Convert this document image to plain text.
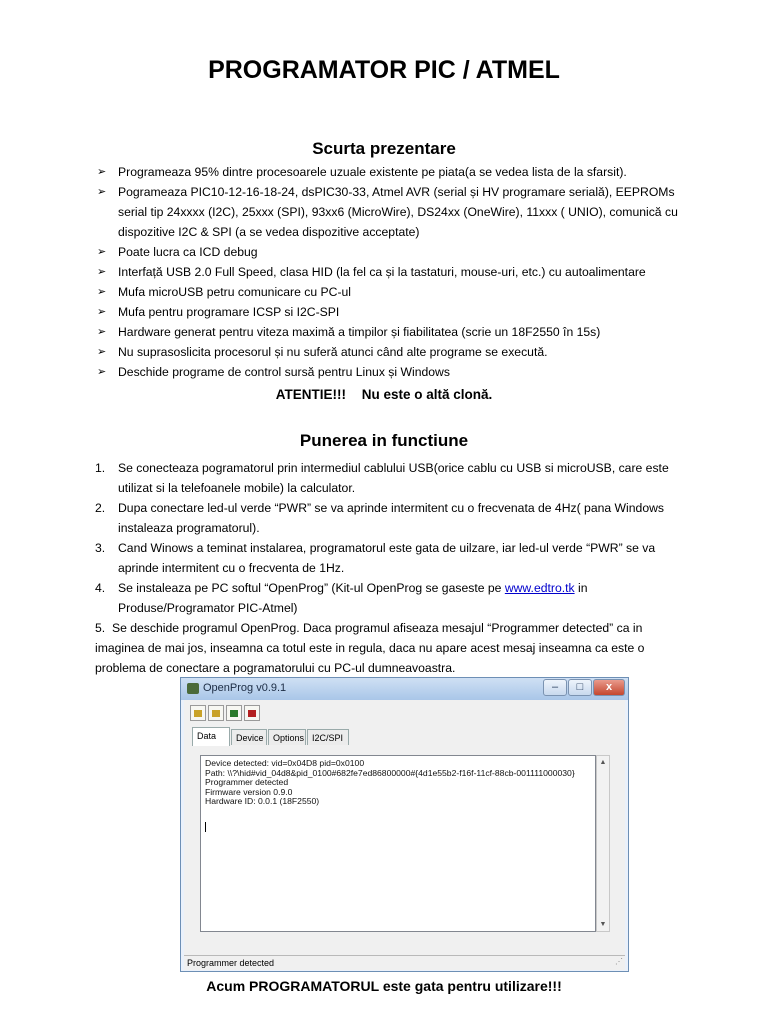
PROGRAMATOR PIC / ATMEL
Scurta prezentare
➢ Programeaza 95% dintre procesoarele uzuale existente pe piata(a se vedea lista de la sfarsit).
➢ Pogrameaza PIC10-12-16-18-24, dsPIC30-33, Atmel AVR (serial și HV programare serială), EEPROMs serial tip 24xxxx (I2C), 25xxx (SPI), 93xx6 (MicroWire), DS24xx (OneWire), 11xxx ( UNIO), comunică cu dispozitive I2C & SPI (a se vedea dispozitive acceptate)
➢ Poate lucra ca ICD debug
➢ Interfață USB 2.0 Full Speed, clasa HID (la fel ca și la tastaturi, mouse-uri, etc.) cu autoalimentare
➢ Mufa microUSB petru comunicare cu PC-ul
➢ Mufa pentru programare ICSP si I2C-SPI
➢ Hardware generat pentru viteza maximă a timpilor și fiabilitatea (scrie un 18F2550 în 15s)
➢ Nu suprasoslicita procesorul și nu suferă atunci când alte programe se execută.
➢ Deschide programe de control sursă pentru Linux și Windows
ATENTIE!!! Nu este o altă clonă.
Punerea in functiune
1. Se conecteaza pogramatorul prin intermediul cablului USB(orice cablu cu USB si microUSB, care este utilizat si la telefoanele mobile) la calculator.
2. Dupa conectare led-ul verde “PWR” se va aprinde intermitent cu o frecvenata de 4Hz( pana Windows instaleaza programatorul).
3. Cand Winows a teminat instalarea, programatorul este gata de uilzare, iar led-ul verde “PWR” se va aprinde intermitent cu o frecventa de 1Hz.
4. Se instaleaza pe PC softul “OpenProg” (Kit-ul OpenProg se gaseste pe www.edtro.tk in Produse/Programator PIC-Atmel)
5. Se deschide programul OpenProg. Daca programul afiseaza mesajul “Programmer detected” ca in imaginea de mai jos, inseamna ca totul este in regula, daca nu apare acest mesaj inseamna ca este o problema de conectare a pogramatorului cu PC-ul dumneavoastra.
OpenProg v0.9.1	–	□	x
Data	Device	Options I2C/SPI
Device detected: vid=0x04D8 pid=0x0100
Path: \\?\hid#vid_04d8&pid_0100#682fe7ed86800000#{4d1e55b2-f16f-11cf-88cb-001111000030}
Programmer detected
Firmware version 0.9.0
Hardware ID: 0.0.1 (18F2550)
▲
▼
Programmer detected	⋰
Acum PROGRAMATORUL este gata pentru utilizare!!!
